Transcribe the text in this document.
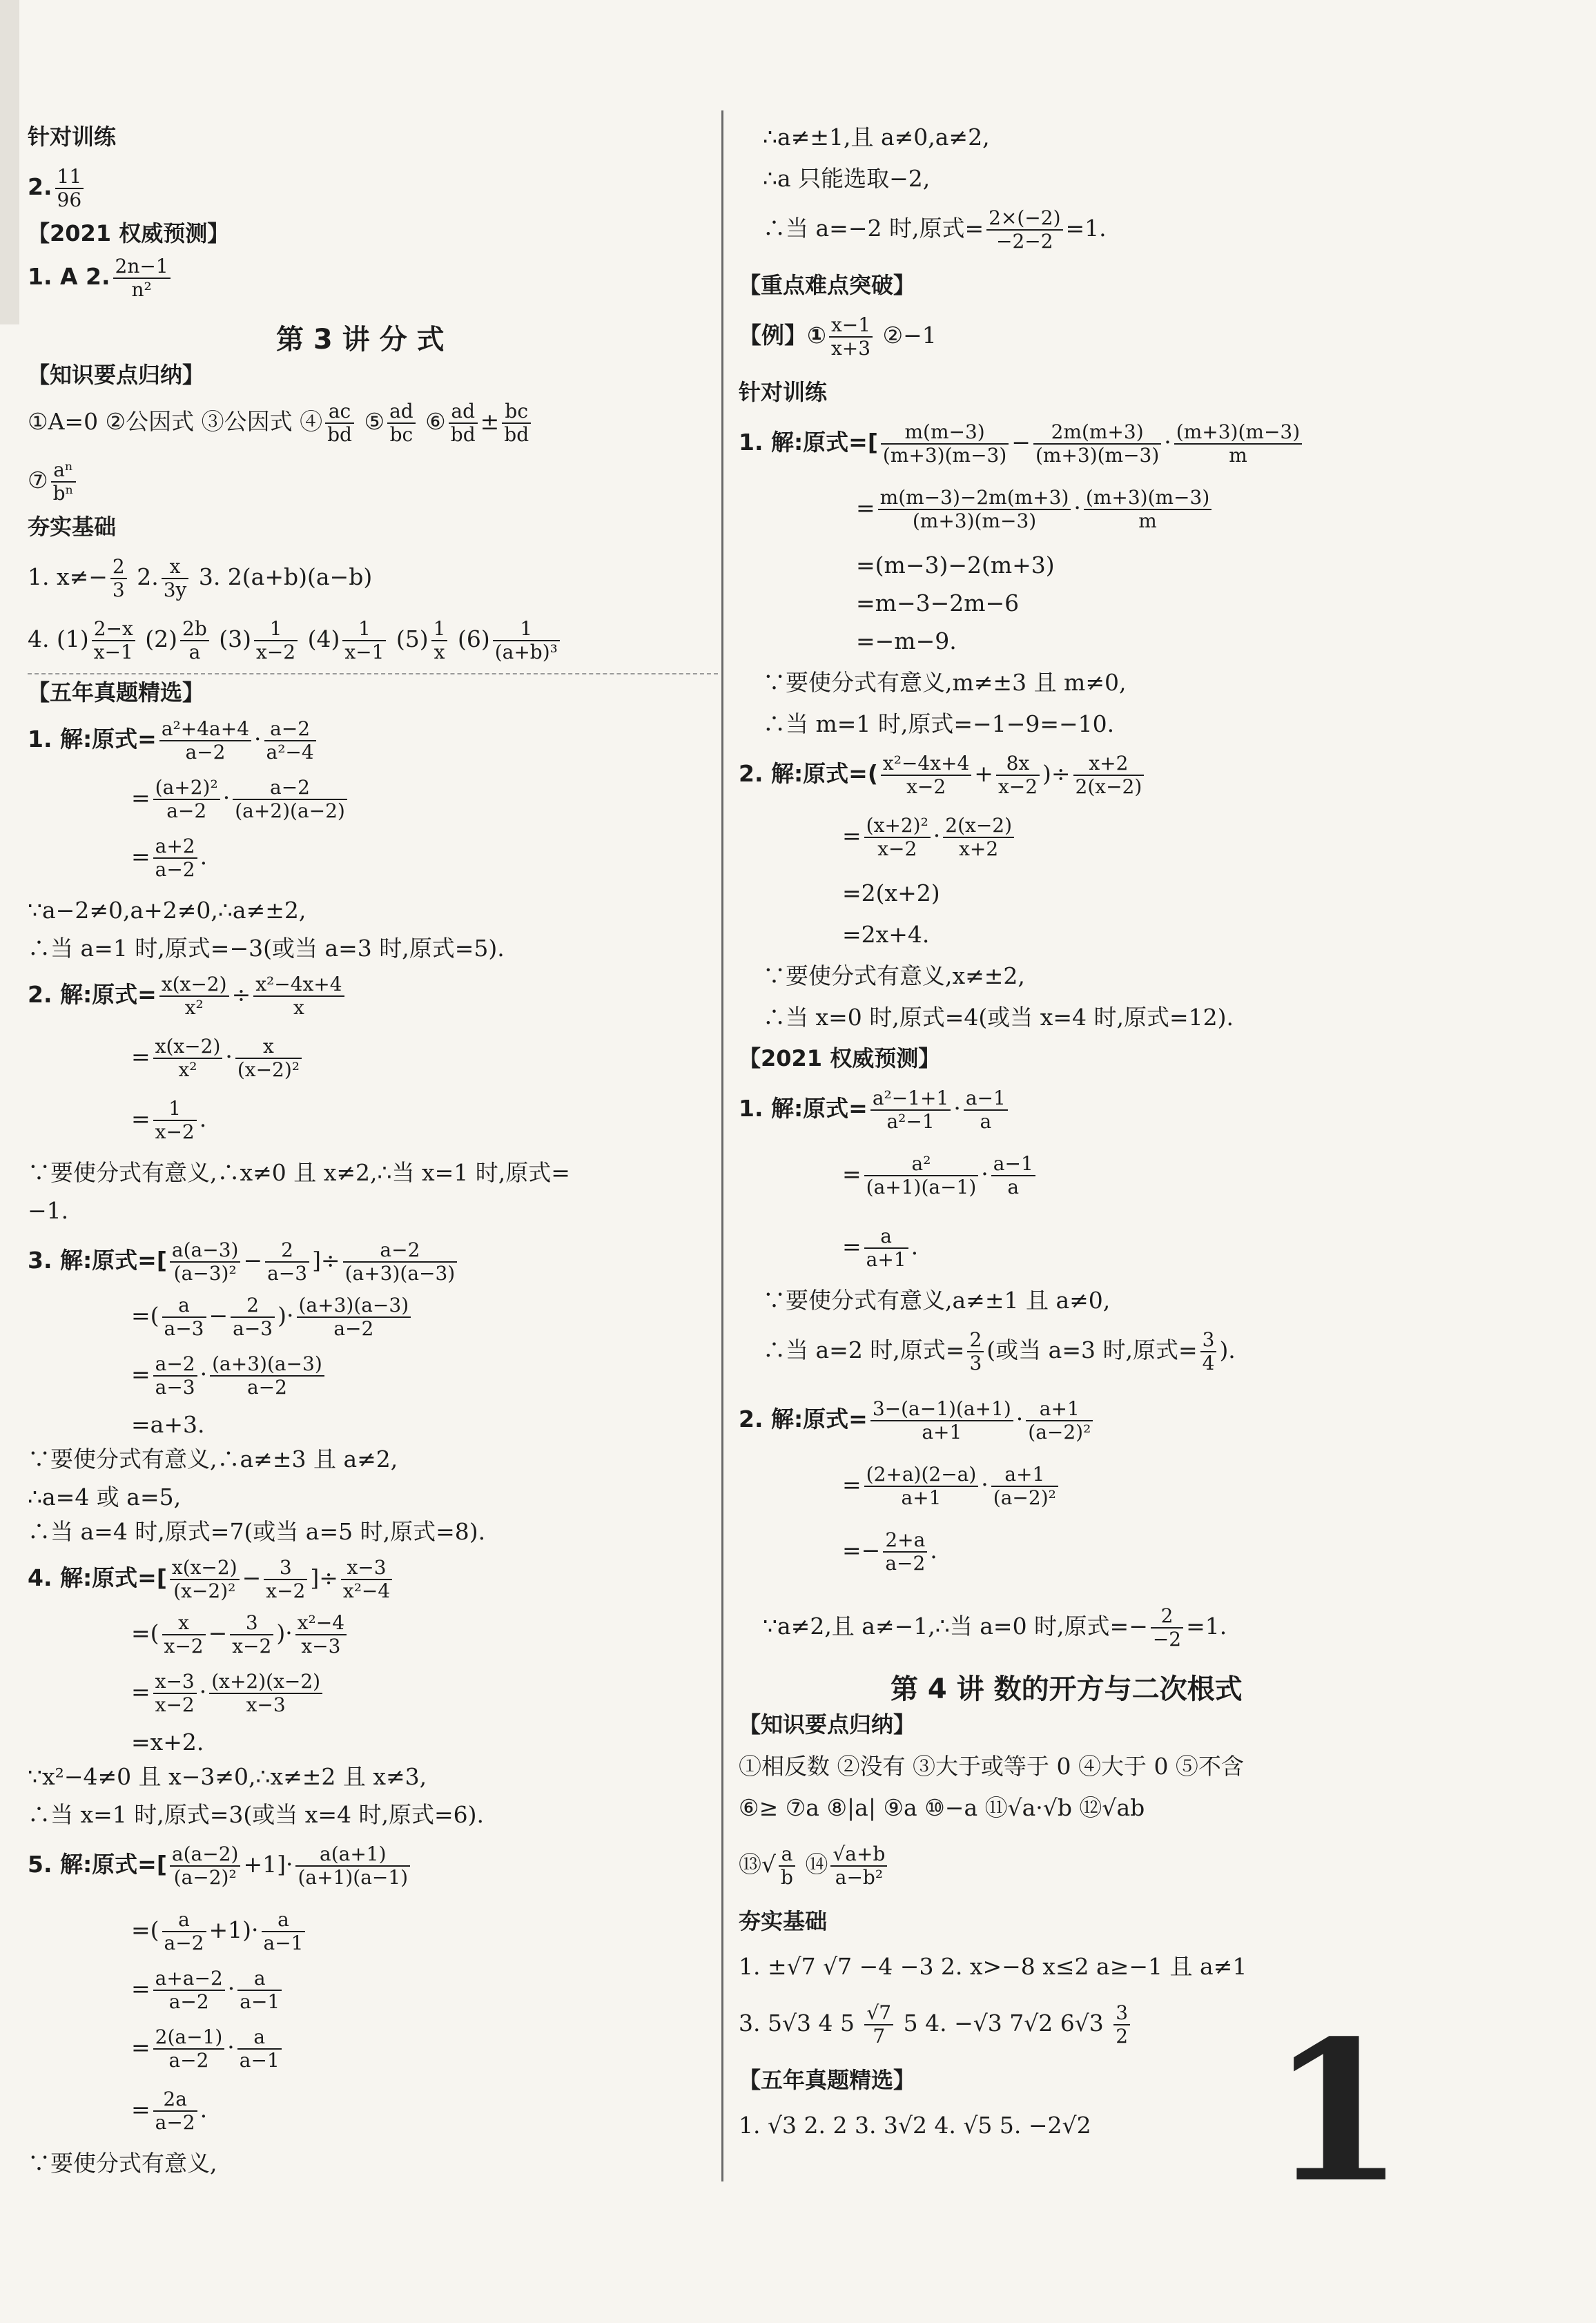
针对训练
2. $\frac{11}{96}$
【2021 权威预测】
1. A 2. $\frac{2n-1}{\text{n²}}$
第 3 讲 分 式
【知识要点归纳】
①A=0 ②公因式 ③公因式 ④ $\frac{ac}{bd}$ ⑤ $\frac{ad}{bc}$ ⑥ $\frac{ad}{bd} \pm \frac{bc}{bd}$
⑦ $\frac{\text{aⁿ}}{\text{bⁿ}}$
夯实基础
1. $x\ne- \frac{2}{3} 2$. $\frac{x}{3y} 3$. 2(a+b)(a−b)
4. $(1) \frac{2-x}{x-1} (2) \frac{2b}{a} (3) \frac{1}{x-2} (4) \frac{1}{x-1} (5) \frac{1}{x} (6) \frac{1}{\text{(a+b)³}}$
【五年真题精选】
1. 解:原式= $\frac{\text{a²+4a+4}}{a-2} \cdot \frac{a-2}{\text{a²−4}}$
= $\frac{\text{(a+2)²}}{a-2} \cdot \frac{a-2}{(a+2)(a-2)}$
= $\frac{a+2}{a-2}$ .
∵a−2≠0,a+2≠0,∴a≠±2,
∴当 a=1 时,原式=−3(或当 a=3 时,原式=5).
2. 解:原式= $\frac{x(x-2)}{\text{x²}} \div \frac{\text{x²−4x+4}}{x}$
= $\frac{x(x-2)}{\text{x²}} \cdot \frac{x}{\text{(x−2)²}}$
= $\frac{1}{x-2}$ .
∵要使分式有意义,∴x≠0 且 x≠2,∴当 x=1 时,原式=
−1.
3. 解:原式=[ $\frac{a(a-3)}{\text{(a−3)²}} - \frac{2}{a-3}$ ]÷ $\frac{a-2}{(a+3)(a-3)}$
=( $\frac{a}{a-3} - \frac{2}{a-3}$ )· $\frac{(a+3)(a-3)}{a-2}$
= $\frac{a-2}{a-3} \cdot \frac{(a+3)(a-3)}{a-2}$
=a+3.
∵要使分式有意义,∴a≠±3 且 a≠2,
∴a=4 或 a=5,
∴当 a=4 时,原式=7(或当 a=5 时,原式=8).
4. 解:原式=[ $\frac{x(x-2)}{\text{(x−2)²}} - \frac{3}{x-2}$ ]÷ $\frac{x-3}{\text{x²−4}}$
=( $\frac{x}{x-2} - \frac{3}{x-2}$ )· $\frac{\text{x²−4}}{x-3}$
= $\frac{x-3}{x-2} \cdot \frac{(x+2)(x-2)}{x-3}$
=x+2.
∵x²−4≠0 且 x−3≠0,∴x≠±2 且 x≠3,
∴当 x=1 时,原式=3(或当 x=4 时,原式=6).
5. 解:原式=[ $\frac{a(a-2)}{\text{(a−2)²}} +1]\cdot \frac{a(a+1)}{(a+1)(a-1)}$
=( $\frac{a}{a-2} +1)\cdot \frac{a}{a-1}$
= $\frac{a+a-2}{a-2} \cdot \frac{a}{a-1}$
= $\frac{2(a-1)}{a-2} \cdot \frac{a}{a-1}$
= $\frac{2a}{a-2}$ .
∵要使分式有意义,
∴a≠±1,且 a≠0,a≠2,
∴a 只能选取−2,
∴当 a=−2 时,原式= $\frac{2\times(-2)}{-2-2} =1$.
【重点难点突破】
【例】① $\frac{x-1}{x+3}$ ②−1
针对训练
1. 解:原式=[ $\frac{m(m-3)}{(m+3)(m-3)} - \frac{2m(m+3)}{(m+3)(m-3)} \cdot \frac{(m+3)(m-3)}{m}$
= $\frac{m(m-3)-2m(m+3)}{(m+3)(m-3)} \cdot \frac{(m+3)(m-3)}{m}$
=(m−3)−2(m+3)
=m−3−2m−6
=−m−9.
∵要使分式有意义,m≠±3 且 m≠0,
∴当 m=1 时,原式=−1−9=−10.
2. 解:原式=( $\frac{\text{x²−4x+4}}{x-2} + \frac{8x}{x-2}$ )÷ $\frac{x+2}{2(x-2)}$
= $\frac{\text{(x+2)²}}{x-2} \cdot \frac{2(x-2)}{x+2}$
=2(x+2)
=2x+4.
∵要使分式有意义,x≠±2,
∴当 x=0 时,原式=4(或当 x=4 时,原式=12).
【2021 权威预测】
1. 解:原式= $\frac{\text{a²−1+1}}{\text{a²−1}} \cdot \frac{a-1}{a}$
= $\frac{\text{a²}}{(a+1)(a-1)} \cdot \frac{a-1}{a}$
= $\frac{a}{a+1}$ .
∵要使分式有意义,a≠±1 且 a≠0,
∴当 a=2 时,原式= $\frac{2}{3}$ (或当 a=3 时,原式= $\frac{3}{4}$ ).
2. 解:原式= $\frac{3-(a-1)(a+1)}{a+1} \cdot \frac{a+1}{\text{(a−2)²}}$
= $\frac{(2+a)(2-a)}{a+1} \cdot \frac{a+1}{\text{(a−2)²}}$
=− $\frac{2+a}{a-2}$ .
∵a≠2,且 a≠−1,∴当 a=0 时,原式=− $\frac{2}{-2} =1$.
第 4 讲 数的开方与二次根式
【知识要点归纳】
①相反数 ②没有 ③大于或等于 0 ④大于 0 ⑤不含
⑥≥ ⑦a ⑧|a| ⑨a ⑩−a ⑪√a·√b ⑫√ab
⑬√ $\frac{a}{b}$ ⑭ $\frac{√a+b}{\text{a−b²}}$
夯实基础
1. ±√7 √7 −4 −3 2. x>−8 x≤2 a≥−1 且 a≠1
3. 5√3 4 $5 \frac{√7}{7} 5$ 4. −√3 7√2 $6√3 \frac{3}{2}$
【五年真题精选】
1. √3 2. 2 3. 3√2 4. √5 5. −2√2 1
